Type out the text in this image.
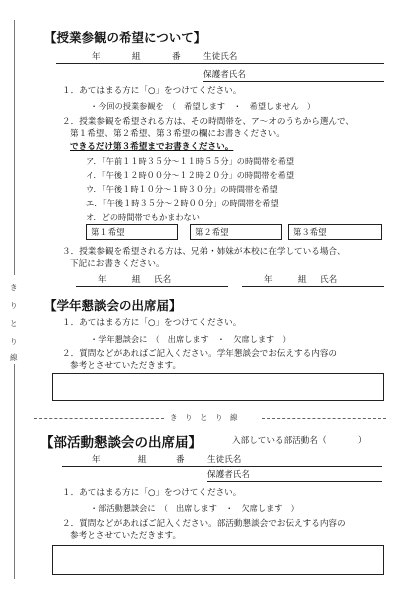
き
り
と
り
線
【授業参観の希望について】
年	組	番	生徒氏名
保護者氏名
１．あてはまる方に「○」をつけてください。
・今回の授業参観を　（　希望します　・　希望しません　）
２．授業参観を希望される方は、その時間帯を、ア～オのうちから選んで、
第１希望、第２希望、第３希望の欄にお書きください。
できるだけ第３希望までお書きください。
ア．「午前１１時３５分～１１時５５分」の時間帯を希望
イ．「午後１２時００分～１２時２０分」の時間帯を希望
ウ．「午後１時１０分～１時３０分」の時間帯を希望
エ．「午後１時３５分～２時００分」の時間帯を希望
オ．どの時間帯でもかまわない
第１希望	第２希望	第３希望
３．授業参観を希望される方は、兄弟・姉妹が本校に在学している場合、
下記にお書きください。
年	組 氏名	年	組 氏名
【学年懇談会の出席届】
１．あてはまる方に「○」をつけてください。
・学年懇談会に　（　出席します　・　欠席します　）
２．質問などがあればご記入ください。学年懇談会でお伝えする内容の
参考とさせていただきます。
き　り　と　り　線
【部活動懇談会の出席届】	入部している部活動名（	）
年	組	番	生徒氏名
保護者氏名
１．あてはまる方に「○」をつけてください。
・部活動懇談会に　（　出席します　・　欠席します　）
２．質問などがあればご記入ください。部活動懇談会でお伝えする内容の
参考とさせていただきます。
